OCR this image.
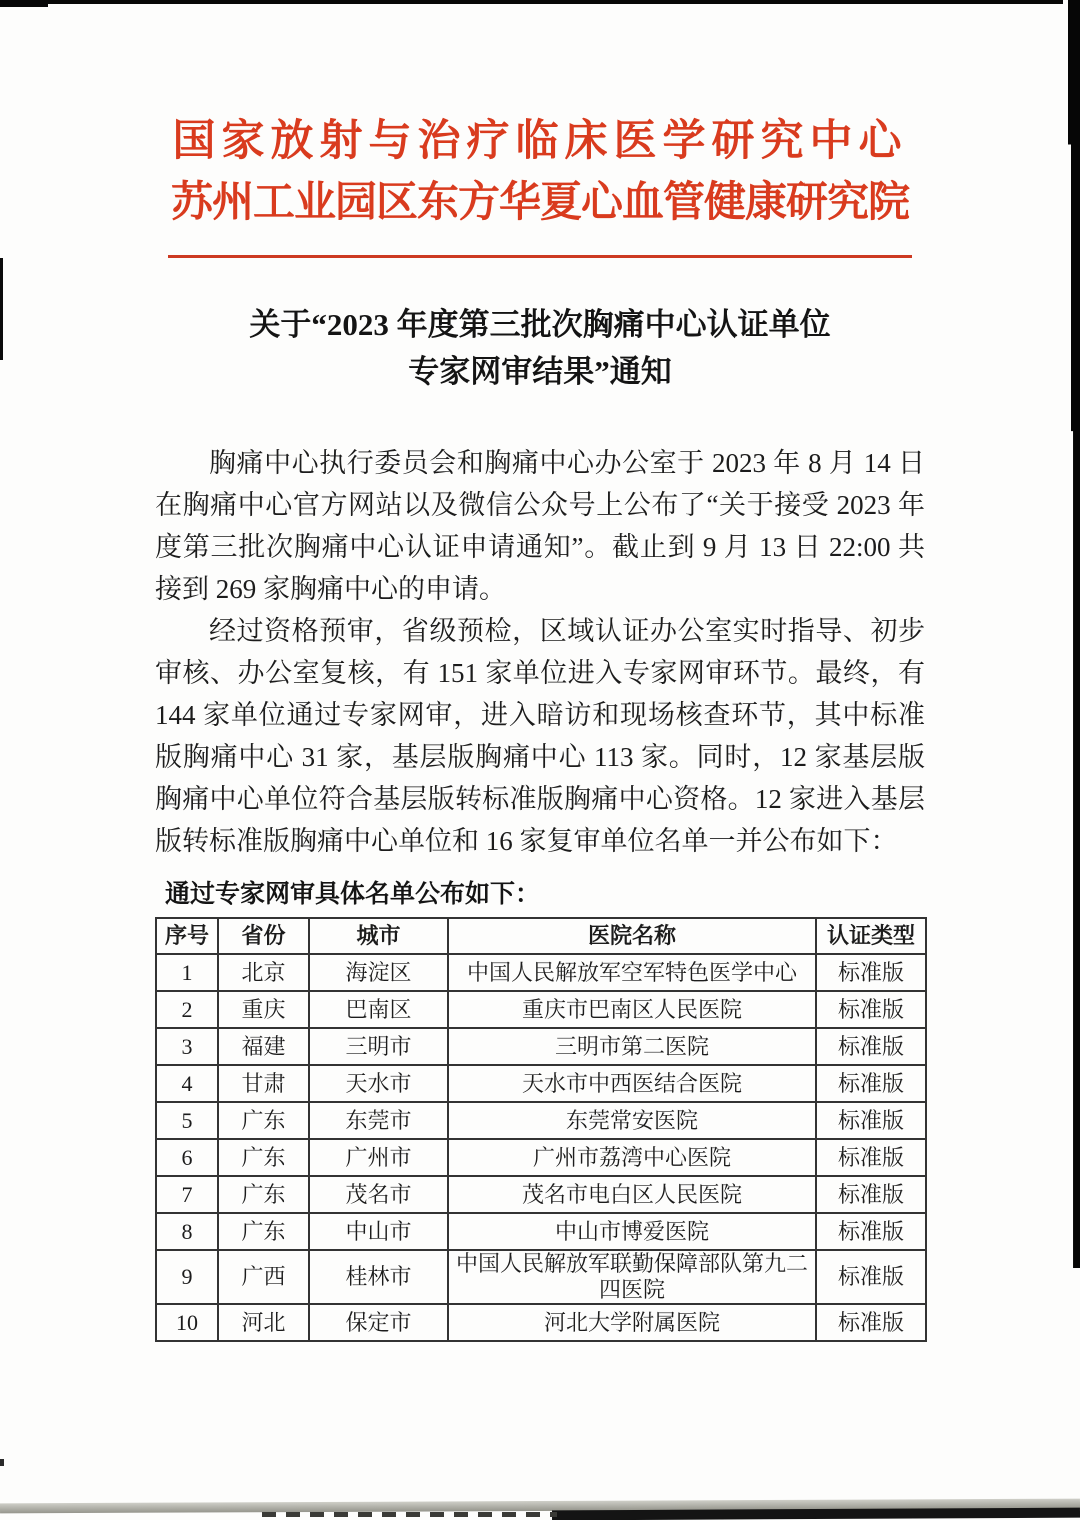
国家放射与治疗临床医学研究中心
苏州工业园区东方华夏心血管健康研究院
关于“2023 年度第三批次胸痛中心认证单位
专家网审结果”通知

胸痛中心执行委员会和胸痛中心办公室于 2023 年 8 月 14 日在胸痛中心官方网站以及微信公众号上公布了“关于接受 2023 年度第三批次胸痛中心认证申请通知”。截止到 9 月 13 日 22:00 共接到 269 家胸痛中心的申请。

经过资格预审，省级预检，区域认证办公室实时指导、初步审核、办公室复核，有 151 家单位进入专家网审环节。最终，有 144 家单位通过专家网审，进入暗访和现场核查环节，其中标准版胸痛中心 31 家，基层版胸痛中心 113 家。同时，12 家基层版胸痛中心单位符合基层版转标准版胸痛中心资格。12 家进入基层版转标准版胸痛中心单位和 16 家复审单位名单一并公布如下：

通过专家网审具体名单公布如下：
序号	省份	城市	医院名称	认证类型
1	北京	海淀区	中国人民解放军空军特色医学中心	标准版
2	重庆	巴南区	重庆市巴南区人民医院	标准版
3	福建	三明市	三明市第二医院	标准版
4	甘肃	天水市	天水市中西医结合医院	标准版
5	广东	东莞市	东莞常安医院	标准版
6	广东	广州市	广州市荔湾中心医院	标准版
7	广东	茂名市	茂名市电白区人民医院	标准版
8	广东	中山市	中山市博爱医院	标准版
9	广西	桂林市	中国人民解放军联勤保障部队第九二四医院	标准版
10	河北	保定市	河北大学附属医院	标准版
